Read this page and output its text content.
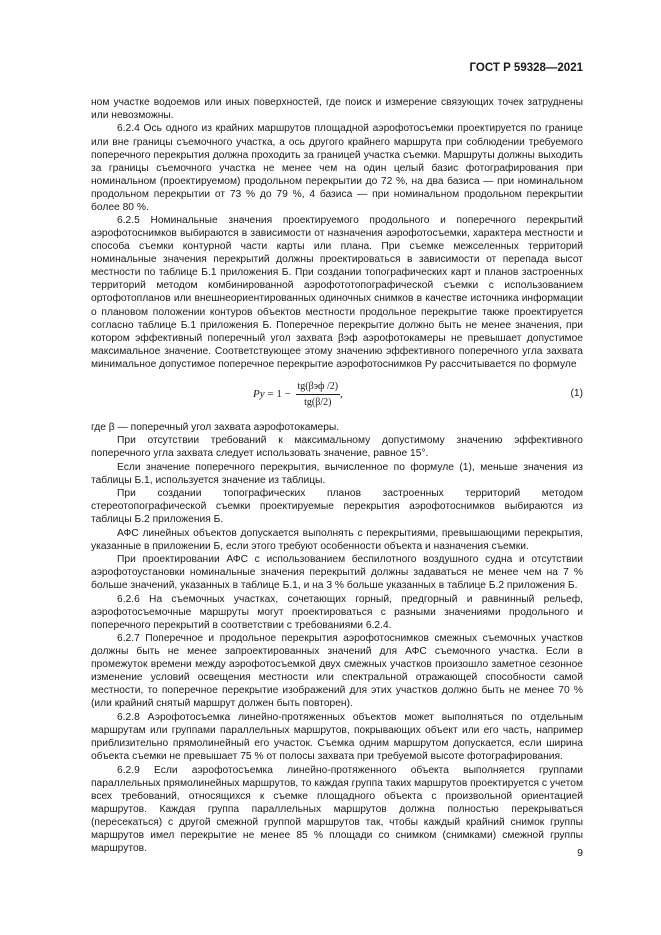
ГОСТ Р 59328—2021

ном участке водоемов или иных поверхностей, где поиск и измерение связующих точек затруднены или невозможны.

6.2.4 Ось одного из крайних маршрутов площадной аэрофотосъемки проектируется по границе или вне границы съемочного участка, а ось другого крайнего маршрута при соблюдении требуемого поперечного перекрытия должна проходить за границей участка съемки. Маршруты должны выходить за границы съемочного участка не менее чем на один целый базис фотографирования при номинальном (проектируемом) продольном перекрытии до 72 %, на два базиса — при номинальном продольном перекрытии от 73 % до 79 %, 4 базиса — при номинальном продольном перекрытии более 80 %.

6.2.5 Номинальные значения проектируемого продольного и поперечного перекрытий аэрофотоснимков выбираются в зависимости от назначения аэрофотосъемки, характера местности и способа съемки контурной части карты или плана. При съемке межселенных территорий номинальные значения перекрытий должны проектироваться в зависимости от перепада высот местности по таблице Б.1 приложения Б. При создании топографических карт и планов застроенных территорий методом комбинированной аэрофототопографической съемки с использованием ортофотопланов или внешнеориентированных одиночных снимков в качестве источника информации о плановом положении контуров объектов местности продольное перекрытие также проектируется согласно таблице Б.1 приложения Б. Поперечное перекрытие должно быть не менее значения, при котором эффективный поперечный угол захвата βэф аэрофотокамеры не превышает допустимое максимальное значение. Соответствующее этому значению эффективного поперечного угла захвата минимальное допустимое поперечное перекрытие аэрофотоснимков Py рассчитывается по формуле

$Py = 1 - \frac{\text{tg(βэф /2)}}{tg(\beta/2)}$ ,	(1)

где β — поперечный угол захвата аэрофотокамеры.

При отсутствии требований к максимальному допустимому значению эффективного поперечного угла захвата следует использовать значение, равное 15°.

Если значение поперечного перекрытия, вычисленное по формуле (1), меньше значения из таблицы Б.1, используется значение из таблицы.

При создании топографических планов застроенных территорий методом стереотопографической съемки проектируемые перекрытия аэрофотоснимков выбираются из таблицы Б.2 приложения Б.

АФС линейных объектов допускается выполнять с перекрытиями, превышающими перекрытия, указанные в приложении Б, если этого требуют особенности объекта и назначения съемки.

При проектировании АФС с использованием беспилотного воздушного судна и отсутствии аэрофотоустановки номинальные значения перекрытий должны задаваться не менее чем на 7 % больше значений, указанных в таблице Б.1, и на 3 % больше указанных в таблице Б.2 приложения Б.

6.2.6 На съемочных участках, сочетающих горный, предгорный и равнинный рельеф, аэрофотосъемочные маршруты могут проектироваться с разными значениями продольного и поперечного перекрытий в соответствии с требованиями 6.2.4.

6.2.7 Поперечное и продольное перекрытия аэрофотоснимков смежных съемочных участков должны быть не менее запроектированных значений для АФС съемочного участка. Если в промежуток времени между аэрофотосъемкой двух смежных участков произошло заметное сезонное изменение условий освещения местности или спектральной отражающей способности самой местности, то поперечное перекрытие изображений для этих участков должно быть не менее 70 % (или крайний снятый маршрут должен быть повторен).

6.2.8 Аэрофотосъемка линейно-протяженных объектов может выполняться по отдельным маршрутам или группами параллельных маршрутов, покрывающих объект или его часть, например приблизительно прямолинейный его участок. Съемка одним маршрутом допускается, если ширина объекта съемки не превышает 75 % от полосы захвата при требуемой высоте фотографирования.

6.2.9 Если аэрофотосъемка линейно-протяженного объекта выполняется группами параллельных прямолинейных маршрутов, то каждая группа таких маршрутов проектируется с учетом всех требований, относящихся к съемке площадного объекта с произвольной ориентацией маршрутов. Каждая группа параллельных маршрутов должна полностью перекрываться (пересекаться) с другой смежной группой маршрутов так, чтобы каждый крайний снимок группы маршрутов имел перекрытие не менее 85 % площади со снимком (снимками) смежной группы маршрутов.	9
